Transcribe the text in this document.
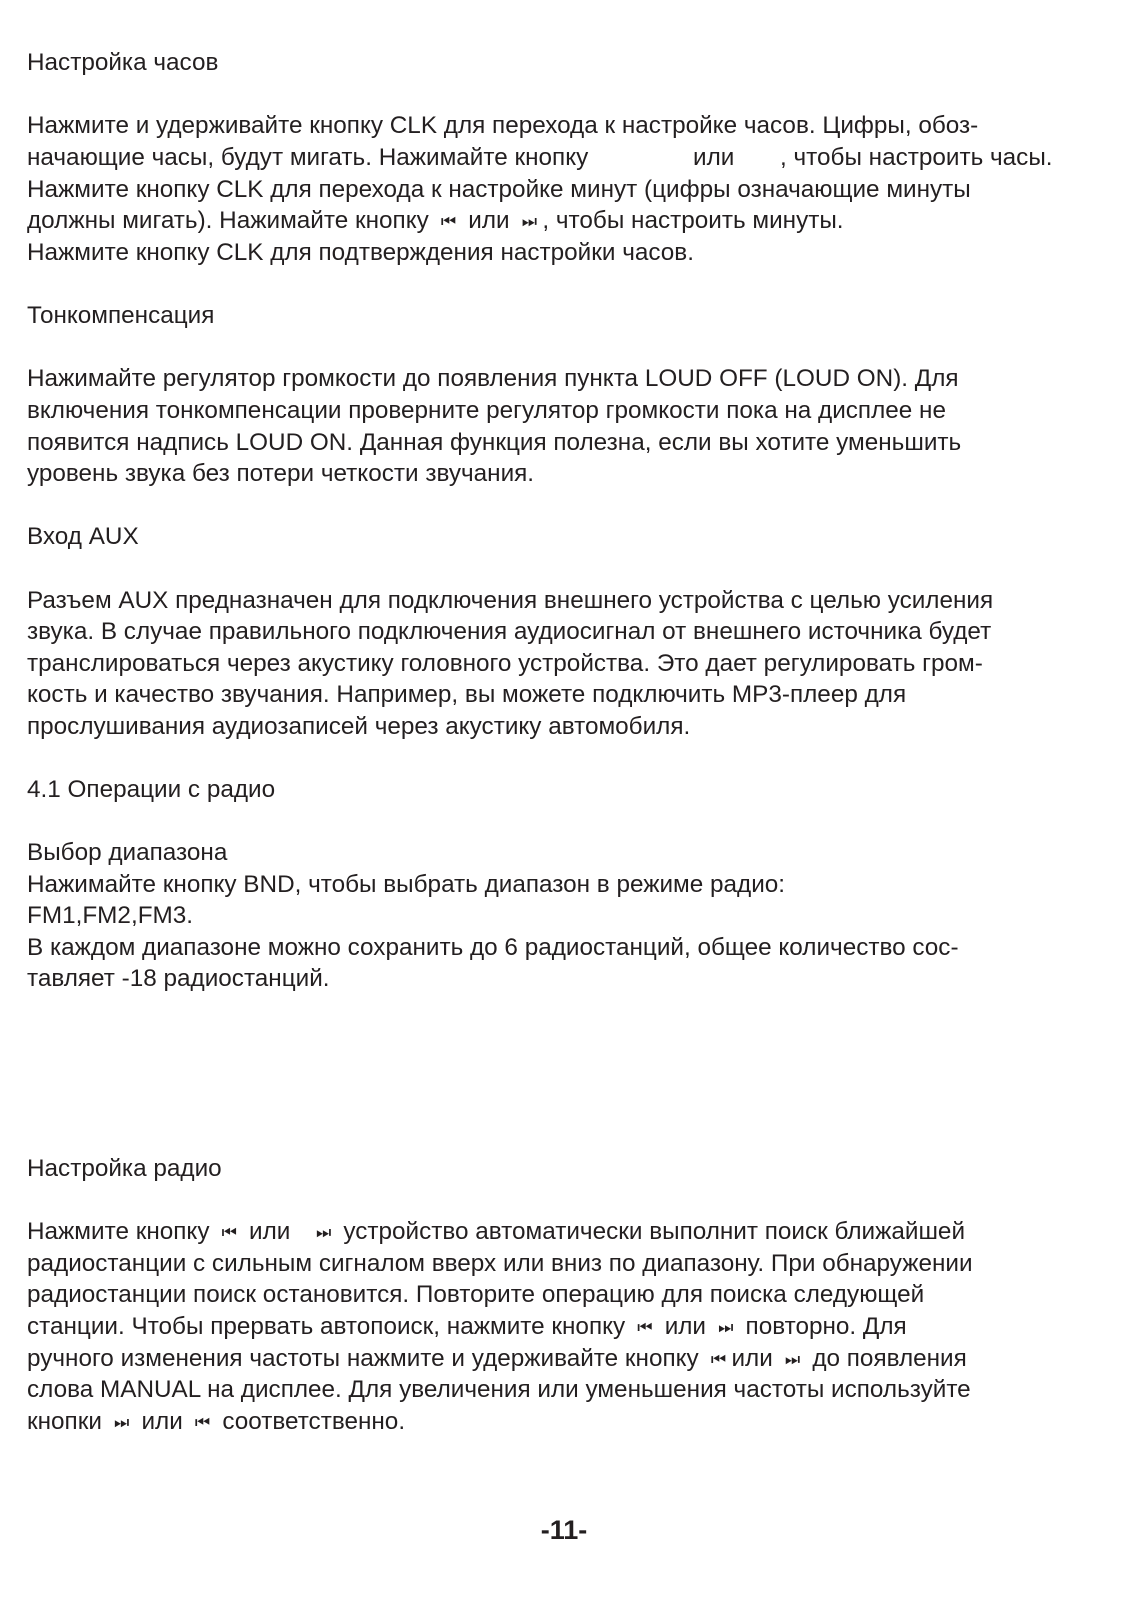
Настройка часов
Нажмите и удерживайте кнопку CLK для перехода к настройке часов. Цифры, обоз-
начающие часы, будут мигать. Нажимайте кнопку	или , чтобы настроить часы.
Нажмите кнопку CLK для перехода к настройке минут (цифры означающие минуты
должны мигать). Нажимайте кнопку ⏮ или ⏭ , чтобы настроить минуты.
Нажмите кнопку CLK для подтверждения настройки часов.
Тонкомпенсация
Нажимайте регулятор громкости до появления пункта LOUD OFF (LOUD ON). Для
включения тонкомпенсации проверните регулятор громкости пока на дисплее не
появится надпись LOUD ON. Данная функция полезна, если вы хотите уменьшить
уровень звука без потери четкости звучания.
Вход AUX
Разъем AUX предназначен для подключения внешнего устройства с целью усиления
звука. В случае правильного подключения аудиосигнал от внешнего источника будет
транслироваться через акустику головного устройства. Это дает регулировать гром-
кость и качество звучания. Например, вы можете подключить MP3-плеер для
прослушивания аудиозаписей через акустику автомобиля.
4.1 Операции с радио
Выбор диапазона
Нажимайте кнопку BND, чтобы выбрать диапазон в режиме радио:
FM1,FM2,FM3.
В каждом диапазоне можно сохранить до 6 радиостанций, общее количество сос-
тавляет -18 радиостанций.
Настройка радио
Нажмите кнопку ⏮ или ⏭ устройство автоматически выполнит поиск ближайшей
радиостанции с сильным сигналом вверх или вниз по диапазону. При обнаружении
радиостанции поиск остановится. Повторите операцию для поиска следующей
станции. Чтобы прервать автопоиск, нажмите кнопку ⏮ или ⏭ повторно. Для
ручного изменения частоты нажмите и удерживайте кнопку ⏮ или ⏭ до появления
слова MANUAL на дисплее. Для увеличения или уменьшения частоты используйте
кнопки ⏭ или ⏮ соответственно.
-11-
